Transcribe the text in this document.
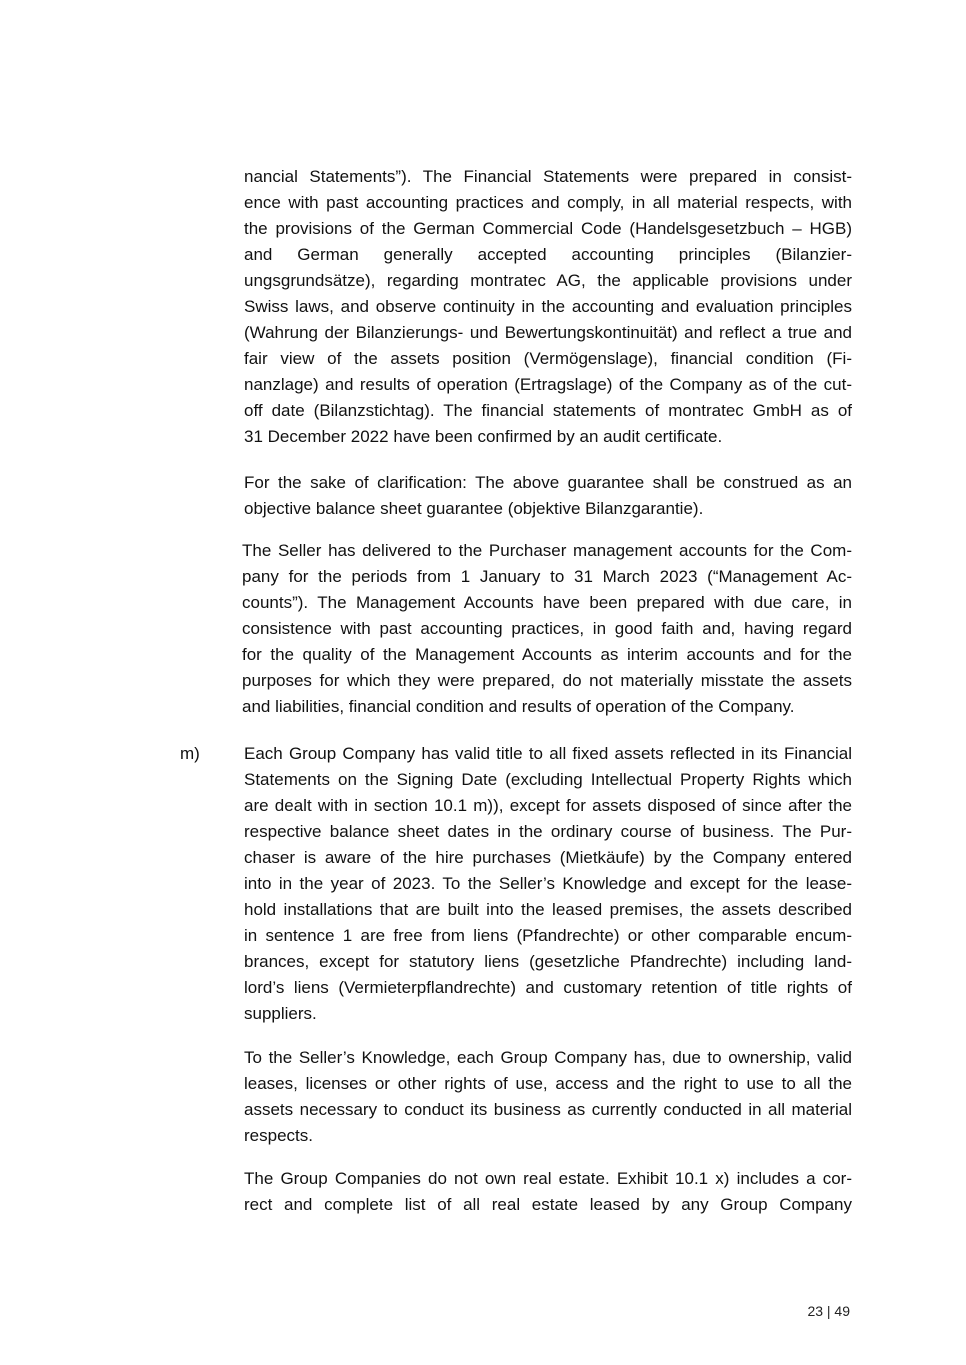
nancial Statements”). The Financial Statements were prepared in consist-
ence with past accounting practices and comply, in all material respects, with
the provisions of the German Commercial Code (Handelsgesetzbuch – HGB)
and German generally accepted accounting principles (Bilanzier-
ungsgrundsätze), regarding montratec AG, the applicable provisions under
Swiss laws, and observe continuity in the accounting and evaluation principles
(Wahrung der Bilanzierungs- und Bewertungskontinuität) and reflect a true and
fair view of the assets position (Vermögenslage), financial condition (Fi-
nanzlage) and results of operation (Ertragslage) of the Company as of the cut-
off date (Bilanzstichtag). The financial statements of montratec GmbH as of
31 December 2022 have been confirmed by an audit certificate.
For the sake of clarification: The above guarantee shall be construed as an
objective balance sheet guarantee (objektive Bilanzgarantie).
The Seller has delivered to the Purchaser management accounts for the Com-
pany for the periods from 1 January to 31 March 2023 (“Management Ac-
counts”). The Management Accounts have been prepared with due care, in
consistence with past accounting practices, in good faith and, having regard
for the quality of the Management Accounts as interim accounts and for the
purposes for which they were prepared, do not materially misstate the assets
and liabilities, financial condition and results of operation of the Company.
m)	Each Group Company has valid title to all fixed assets reflected in its Financial
Statements on the Signing Date (excluding Intellectual Property Rights which
are dealt with in section 10.1 m)), except for assets disposed of since after the
respective balance sheet dates in the ordinary course of business. The Pur-
chaser is aware of the hire purchases (Mietkäufe) by the Company entered
into in the year of 2023. To the Seller’s Knowledge and except for the lease-
hold installations that are built into the leased premises, the assets described
in sentence 1 are free from liens (Pfandrechte) or other comparable encum-
brances, except for statutory liens (gesetzliche Pfandrechte) including land-
lord’s liens (Vermieterpflandrechte) and customary retention of title rights of
suppliers.
To the Seller’s Knowledge, each Group Company has, due to ownership, valid
leases, licenses or other rights of use, access and the right to use to all the
assets necessary to conduct its business as currently conducted in all material
respects.
The Group Companies do not own real estate. Exhibit 10.1 x) includes a cor-
rect and complete list of all real estate leased by any Group Company
23 | 49
